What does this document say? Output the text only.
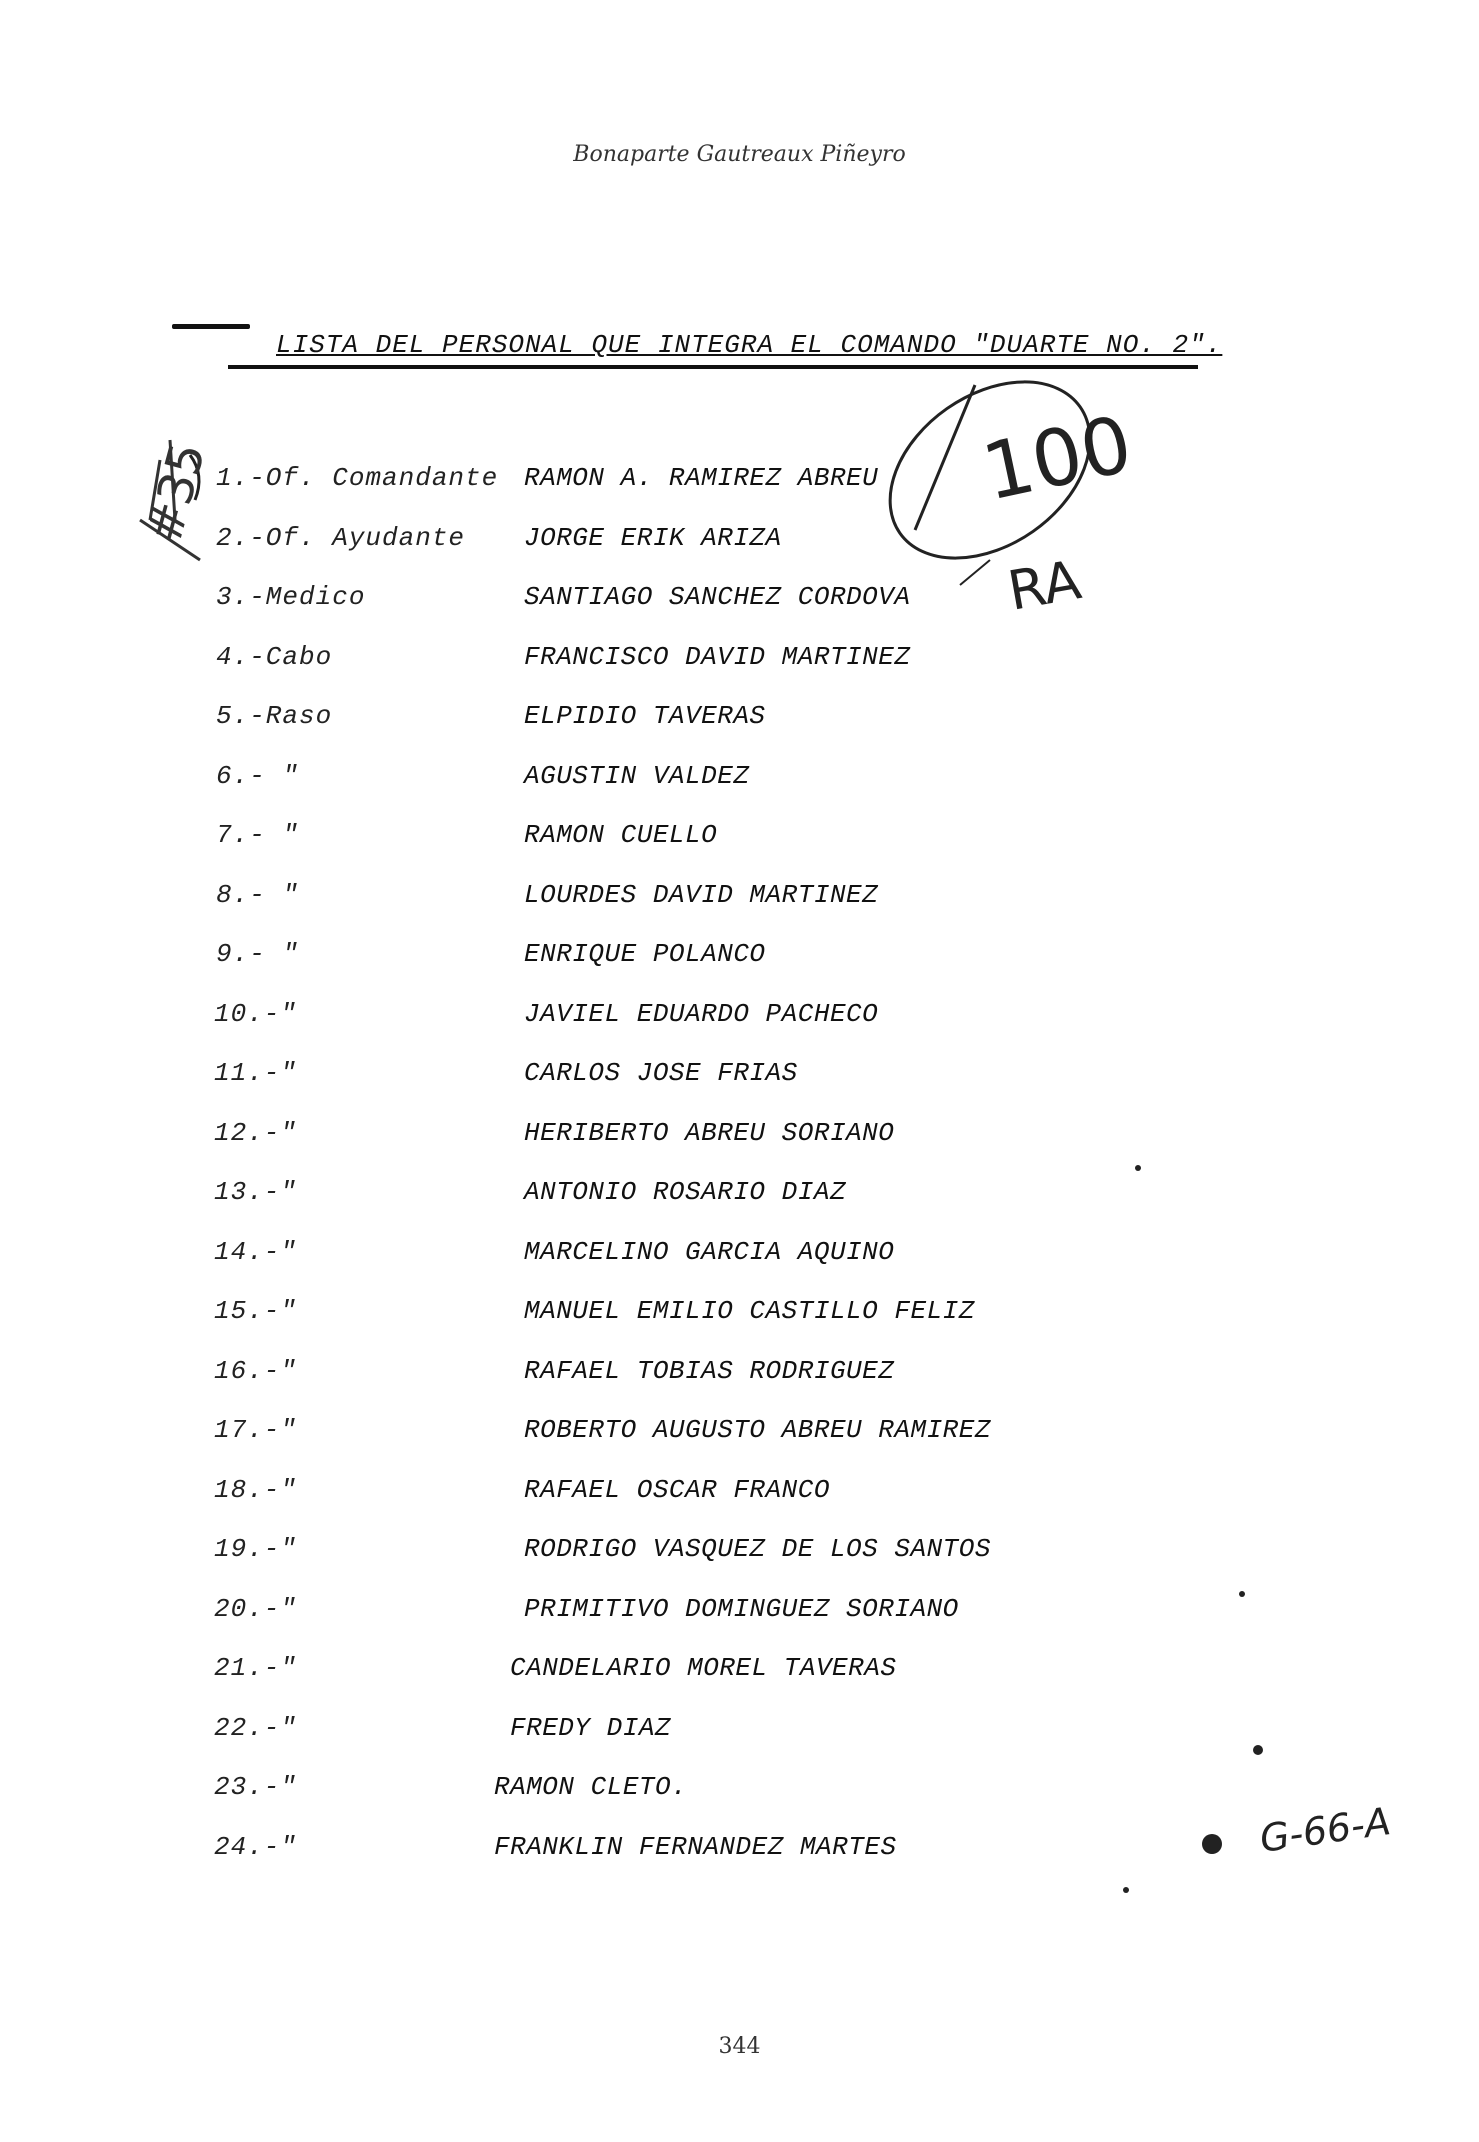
Bonaparte Gautreaux Piñeyro
LISTA DEL PERSONAL QUE INTEGRA EL COMANDO "DUARTE NO. 2".
1.-Of. Comandante RAMON A. RAMIREZ ABREU
2.-Of. Ayudante JORGE ERIK ARIZA
3.-Medico	SANTIAGO SANCHEZ CORDOVA
4.-Cabo	FRANCISCO DAVID MARTINEZ
5.-Raso	ELPIDIO TAVERAS
6.- "	AGUSTIN VALDEZ
7.- "	RAMON CUELLO
8.- "	LOURDES DAVID MARTINEZ
9.- "	ENRIQUE POLANCO
10.-"	JAVIEL EDUARDO PACHECO
11.-"	CARLOS JOSE FRIAS
12.-"	HERIBERTO ABREU SORIANO
13.-"	ANTONIO ROSARIO DIAZ
14.-"	MARCELINO GARCIA AQUINO
15.-"	MANUEL EMILIO CASTILLO FELIZ
16.-"	RAFAEL TOBIAS RODRIGUEZ
17.-"	ROBERTO AUGUSTO ABREU RAMIREZ
18.-"	RAFAEL OSCAR FRANCO
19.-"	RODRIGO VASQUEZ DE LOS SANTOS
20.-"	PRIMITIVO DOMINGUEZ SORIANO
21.-"	CANDELARIO MOREL TAVERAS
22.-"	FREDY DIAZ
23.-"	RAMON CLETO.
24.-"	FRANKLIN FERNANDEZ MARTES
RA
100
#35
G-66-A
344
